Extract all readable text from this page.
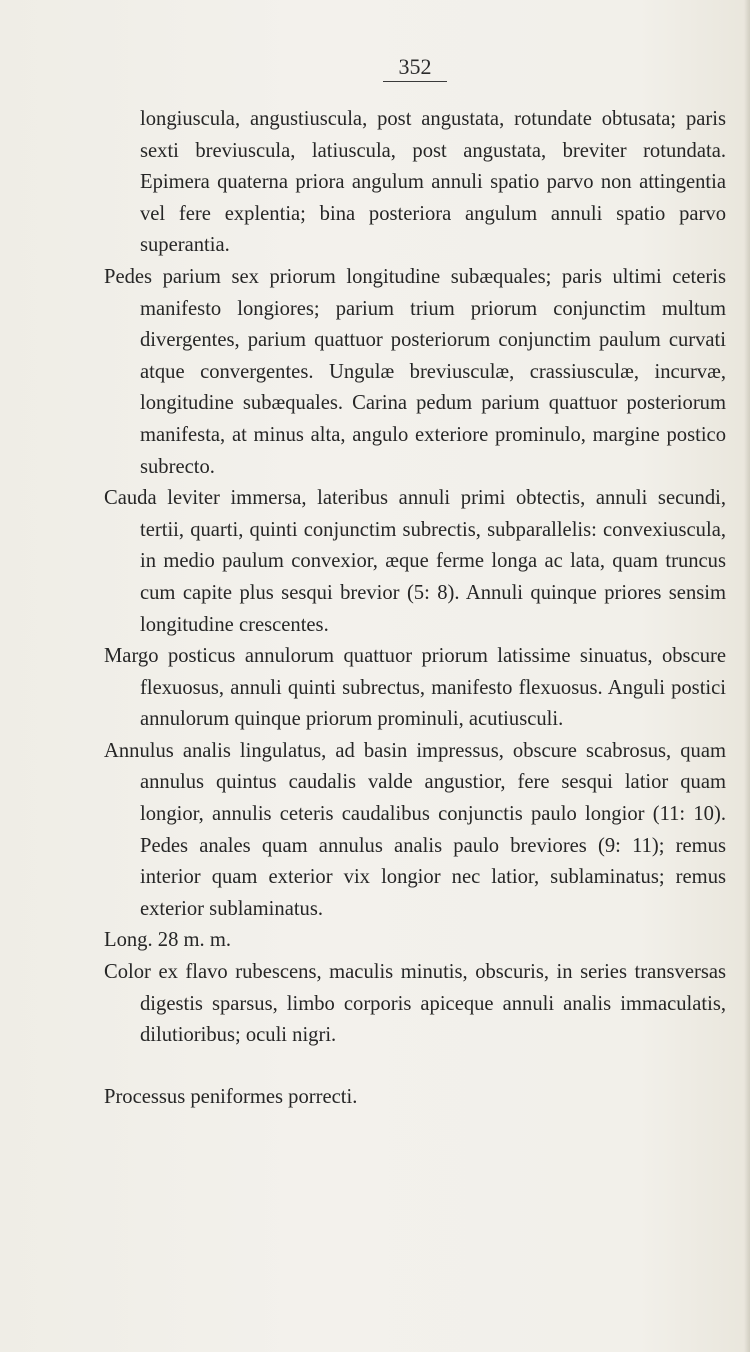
352

longiuscula, angustiuscula, post angustata, rotundate obtusata; paris sexti breviuscula, latiuscula, post angustata, breviter rotundata. Epimera quaterna priora angulum annuli spatio parvo non attingentia vel fere explentia; bina posteriora angulum annuli spatio parvo superantia.

Pedes parium sex priorum longitudine subæquales; paris ultimi ceteris manifesto longiores; parium trium priorum conjunctim multum divergentes, parium quattuor posteriorum conjunctim paulum curvati atque convergentes. Ungulæ breviusculæ, crassiusculæ, incurvæ, longitudine subæquales. Carina pedum parium quattuor posteriorum manifesta, at minus alta, angulo exteriore prominulo, margine postico subrecto.

Cauda leviter immersa, lateribus annuli primi obtectis, annuli secundi, tertii, quarti, quinti conjunctim subrectis, subparallelis: convexiuscula, in medio paulum convexior, æque ferme longa ac lata, quam truncus cum capite plus sesqui brevior (5: 8). Annuli quinque priores sensim longitudine crescentes.

Margo posticus annulorum quattuor priorum latissime sinuatus, obscure flexuosus, annuli quinti subrectus, manifesto flexuosus. Anguli postici annulorum quinque priorum prominuli, acutiusculi.

Annulus analis lingulatus, ad basin impressus, obscure scabrosus, quam annulus quintus caudalis valde angustior, fere sesqui latior quam longior, annulis ceteris caudalibus conjunctis paulo longior (11: 10). Pedes anales quam annulus analis paulo breviores (9: 11); remus interior quam exterior vix longior nec latior, sublaminatus; remus exterior sublaminatus.

Long. 28 m. m.

Color ex flavo rubescens, maculis minutis, obscuris, in series transversas digestis sparsus, limbo corporis apiceque annuli analis immaculatis, dilutioribus; oculi nigri.

Processus peniformes porrecti.
